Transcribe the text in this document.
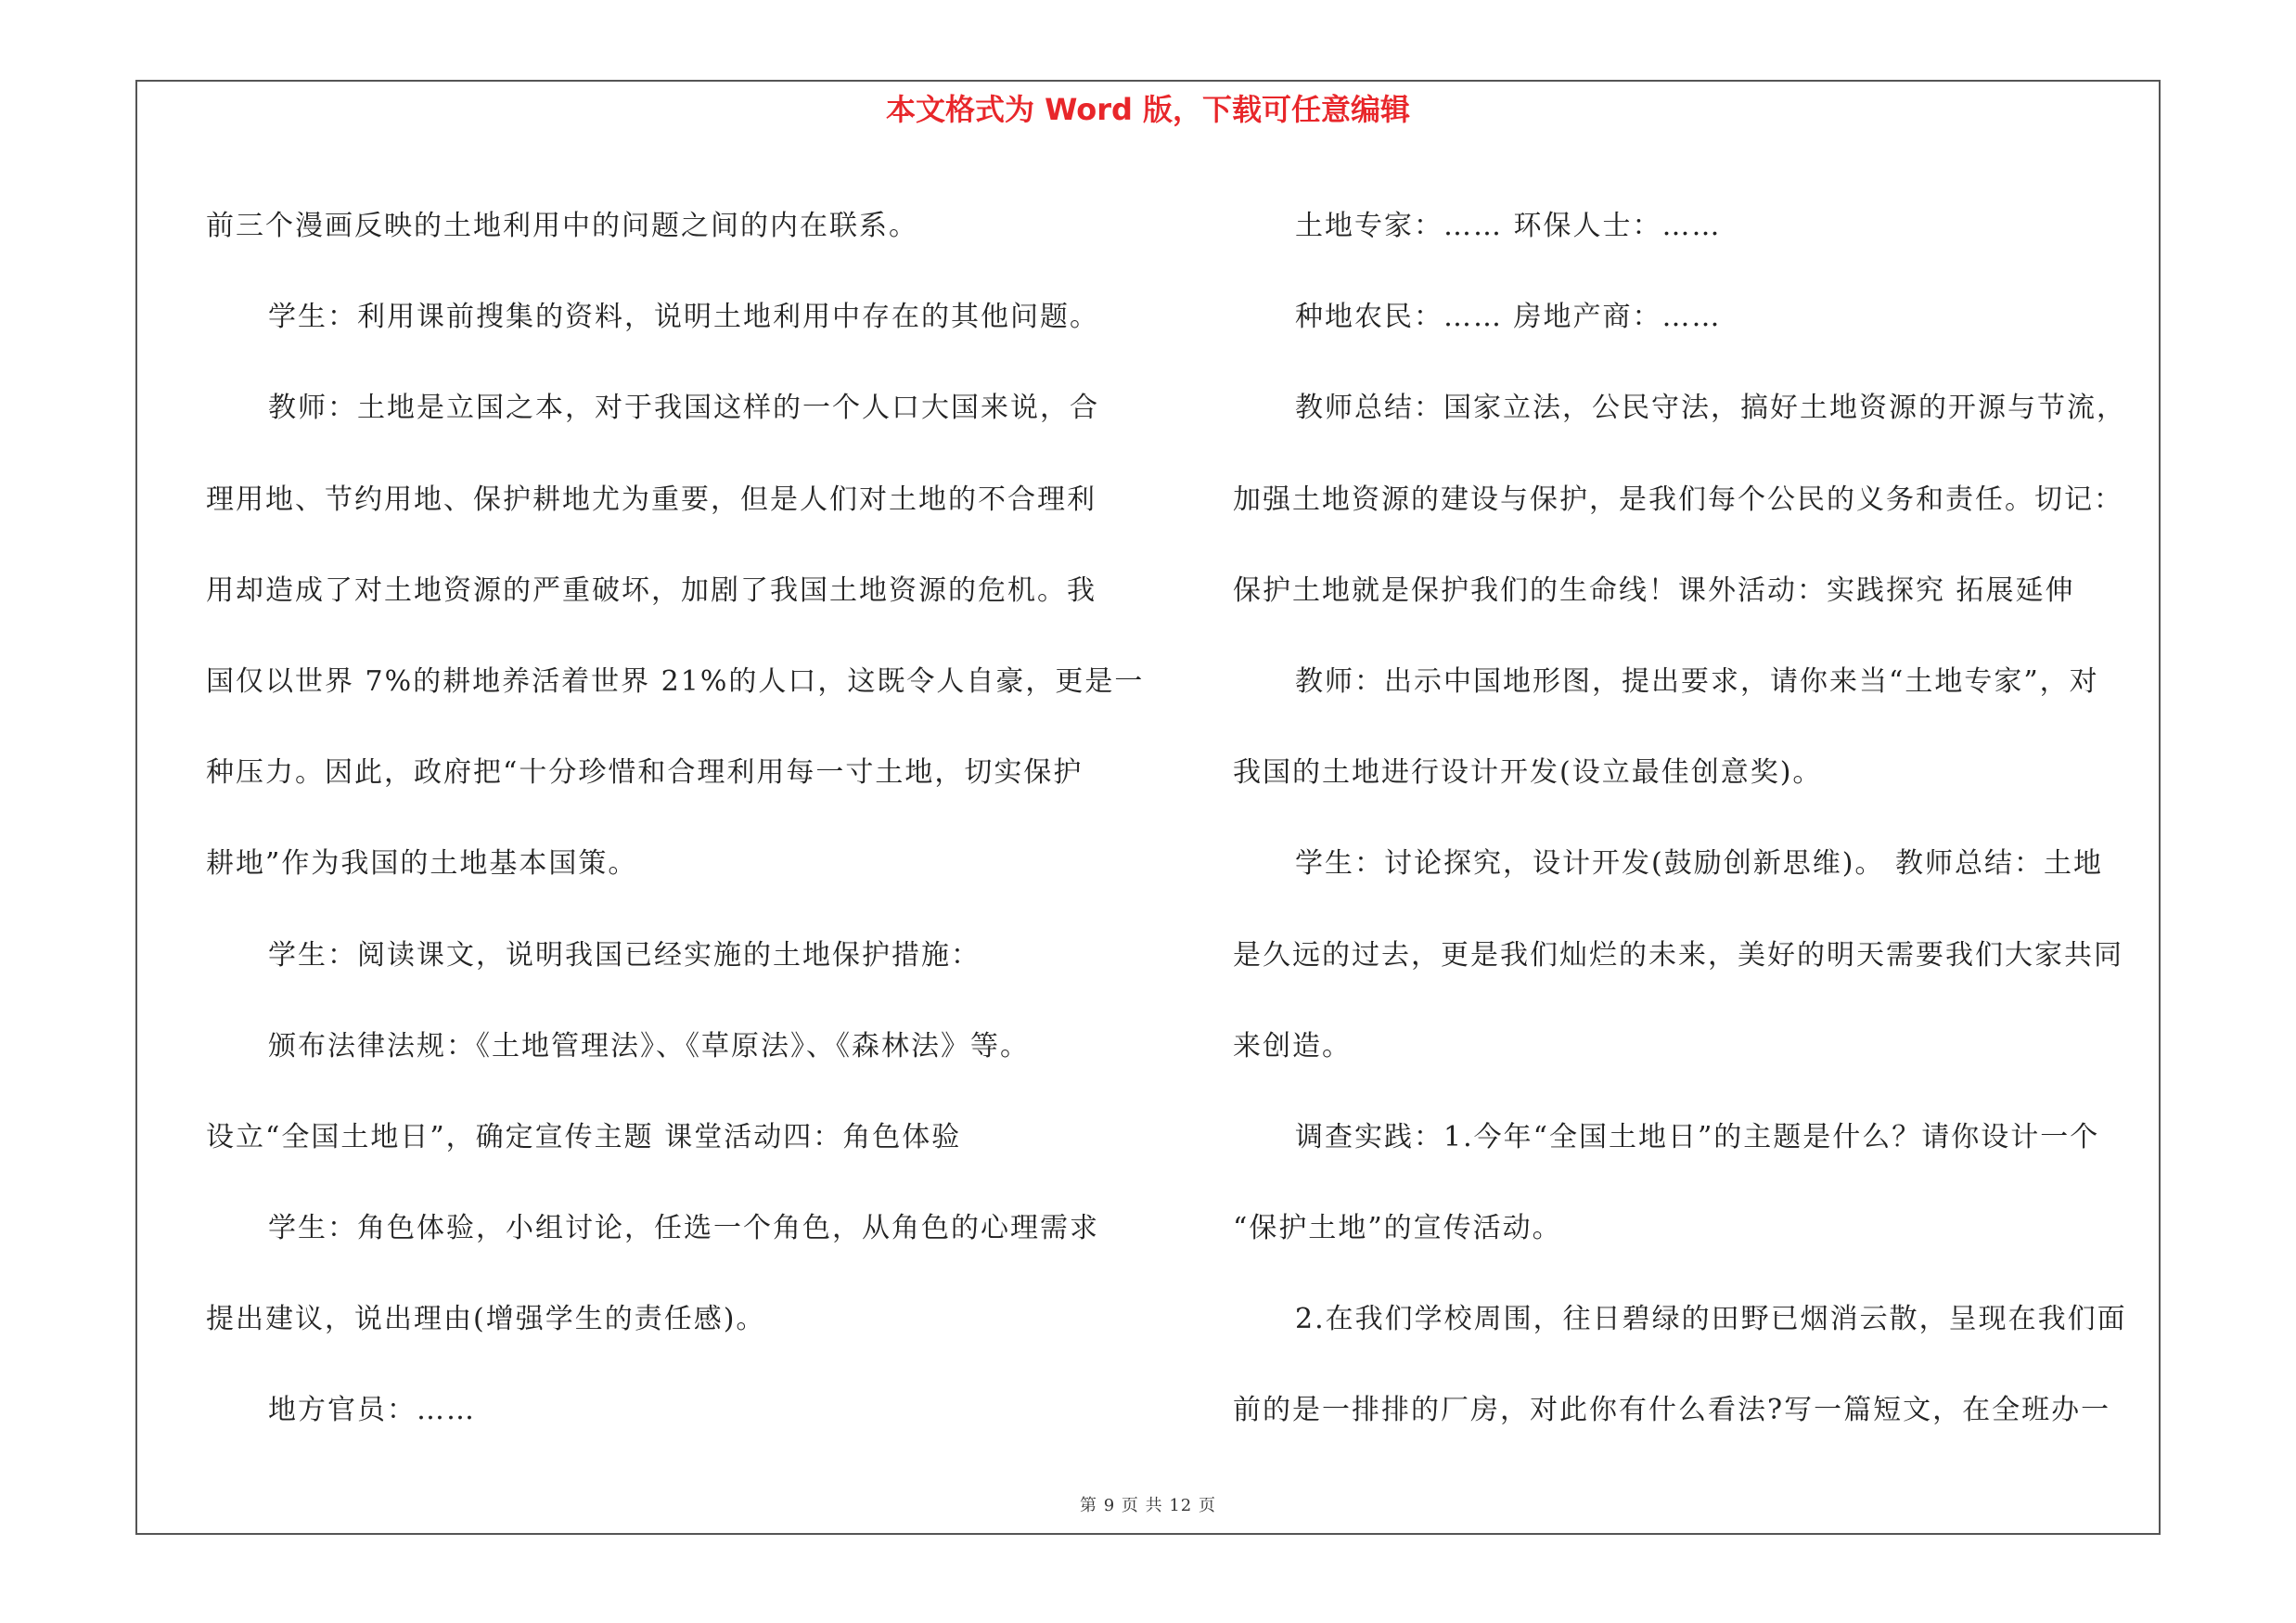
本文格式为 Word 版，下载可任意编辑
前三个漫画反映的土地利用中的问题之间的内在联系。
学生：利用课前搜集的资料，说明土地利用中存在的其他问题。
教师：土地是立国之本，对于我国这样的一个人口大国来说，合
理用地、节约用地、保护耕地尤为重要，但是人们对土地的不合理利
用却造成了对土地资源的严重破坏，加剧了我国土地资源的危机。我
国仅以世界 7%的耕地养活着世界 21%的人口，这既令人自豪，更是一
种压力。因此，政府把“十分珍惜和合理利用每一寸土地，切实保护
耕地”作为我国的土地基本国策。
学生：阅读课文，说明我国已经实施的土地保护措施：
颁布法律法规：《土地管理法》、《草原法》、《森林法》等。
设立“全国土地日”，确定宣传主题 课堂活动四：角色体验
学生：角色体验，小组讨论，任选一个角色，从角色的心理需求
提出建议，说出理由(增强学生的责任感)。
地方官员：……
土地专家：…… 环保人士：……
种地农民：…… 房地产商：……
教师总结：国家立法，公民守法，搞好土地资源的开源与节流，
加强土地资源的建设与保护，是我们每个公民的义务和责任。切记：
保护土地就是保护我们的生命线！课外活动：实践探究 拓展延伸
教师：出示中国地形图，提出要求，请你来当“土地专家”，对
我国的土地进行设计开发(设立最佳创意奖)。
学生：讨论探究，设计开发(鼓励创新思维)。 教师总结：土地
是久远的过去，更是我们灿烂的未来，美好的明天需要我们大家共同
来创造。
调查实践：1.今年“全国土地日”的主题是什么？请你设计一个
“保护土地”的宣传活动。
2.在我们学校周围，往日碧绿的田野已烟消云散，呈现在我们面
前的是一排排的厂房，对此你有什么看法?写一篇短文，在全班办一
第 9 页 共 12 页
